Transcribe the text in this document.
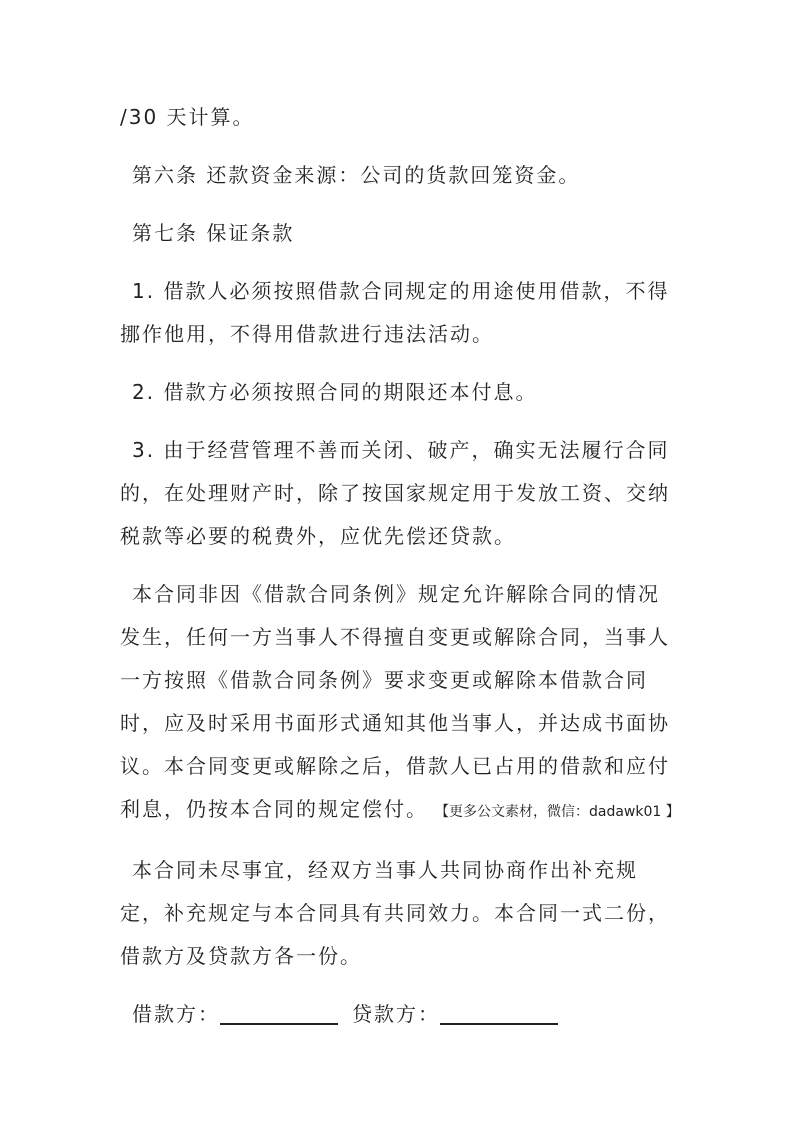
/30 天计算。

第六条 还款资金来源：公司的货款回笼资金。

第七条 保证条款

1. 借款人必须按照借款合同规定的用途使用借款，不得挪作他用，不得用借款进行违法活动。

2. 借款方必须按照合同的期限还本付息。

3. 由于经营管理不善而关闭、破产，确实无法履行合同的，在处理财产时，除了按国家规定用于发放工资、交纳税款等必要的税费外，应优先偿还贷款。

本合同非因《借款合同条例》规定允许解除合同的情况发生，任何一方当事人不得擅自变更或解除合同，当事人一方按照《借款合同条例》要求变更或解除本借款合同时，应及时采用书面形式通知其他当事人，并达成书面协议。本合同变更或解除之后，借款人已占用的借款和应付利息，仍按本合同的规定偿付。 【更多公文素材，微信：dadawk01 】

本合同未尽事宜，经双方当事人共同协商作出补充规定，补充规定与本合同具有共同效力。本合同一式二份，借款方及贷款方各一份。

借款方：	贷款方：
